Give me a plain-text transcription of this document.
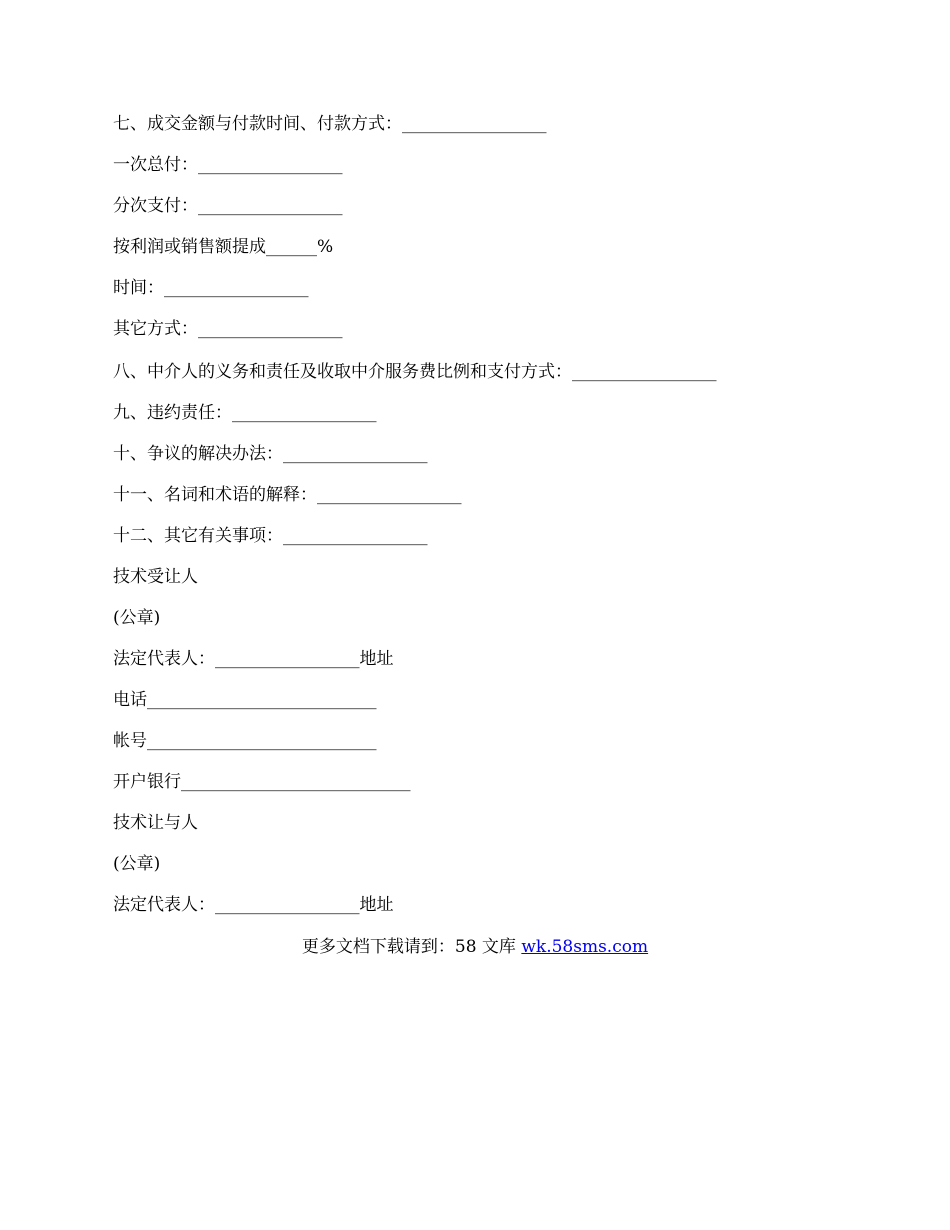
七、成交金额与付款时间、付款方式：_________________
一次总付：_________________
分次支付：_________________
按利润或销售额提成______%
时间：_________________
其它方式：_________________
八、中介人的义务和责任及收取中介服务费比例和支付方式：_________________
九、违约责任：_________________
十、争议的解决办法：_________________
十一、名词和术语的解释：_________________
十二、其它有关事项：_________________
技术受让人
(公章)
法定代表人：_________________地址
电话___________________________
帐号___________________________
开户银行___________________________
技术让与人
(公章)
法定代表人：_________________地址
更多文档下载请到：58 文库 wk.58sms.com
